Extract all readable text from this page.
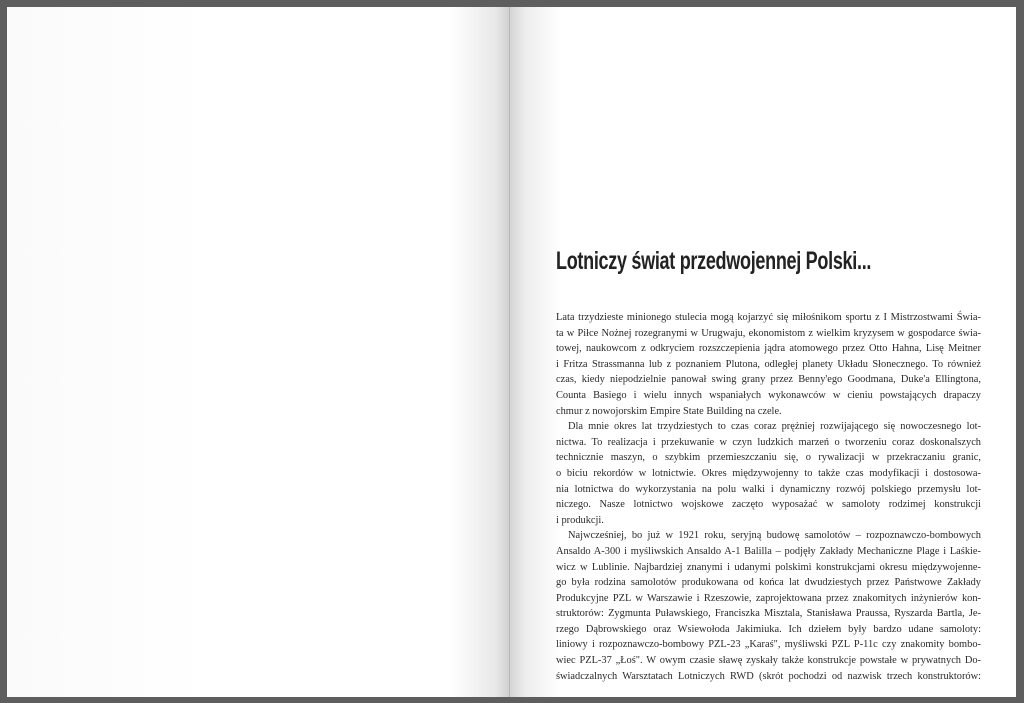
Lotniczy świat przedwojennej Polski...
Lata trzydzieste minionego stulecia mogą kojarzyć się miłośnikom sportu z I Mistrzostwami Świa-
ta w Piłce Nożnej rozegranymi w Urugwaju, ekonomistom z wielkim kryzysem w gospodarce świa-
towej, naukowcom z odkryciem rozszczepienia jądra atomowego przez Otto Hahna, Lisę Meitner
i Fritza Strassmanna lub z poznaniem Plutona, odległej planety Układu Słonecznego. To również
czas, kiedy niepodzielnie panował swing grany przez Benny'ego Goodmana, Duke'a Ellingtona,
Counta Basiego i wielu innych wspaniałych wykonawców w cieniu powstających drapaczy
chmur z nowojorskim Empire State Building na czele.
Dla mnie okres lat trzydziestych to czas coraz prężniej rozwijającego się nowoczesnego lot-
nictwa. To realizacja i przekuwanie w czyn ludzkich marzeń o tworzeniu coraz doskonalszych
technicznie maszyn, o szybkim przemieszczaniu się, o rywalizacji w przekraczaniu granic,
o biciu rekordów w lotnictwie. Okres międzywojenny to także czas modyfikacji i dostosowa-
nia lotnictwa do wykorzystania na polu walki i dynamiczny rozwój polskiego przemysłu lot-
niczego. Nasze lotnictwo wojskowe zaczęto wyposażać w samoloty rodzimej konstrukcji
i produkcji.
Najwcześniej, bo już w 1921 roku, seryjną budowę samolotów – rozpoznawczo-bombowych
Ansaldo A-300 i myśliwskich Ansaldo A-1 Balilla – podjęły Zakłady Mechaniczne Plage i Laśkie-
wicz w Lublinie. Najbardziej znanymi i udanymi polskimi konstrukcjami okresu międzywojenne-
go była rodzina samolotów produkowana od końca lat dwudziestych przez Państwowe Zakłady
Produkcyjne PZL w Warszawie i Rzeszowie, zaprojektowana przez znakomitych inżynierów kon-
struktorów: Zygmunta Puławskiego, Franciszka Misztala, Stanisława Praussa, Ryszarda Bartla, Je-
rzego Dąbrowskiego oraz Wsiewołoda Jakimiuka. Ich dziełem były bardzo udane samoloty:
liniowy i rozpoznawczo-bombowy PZL-23 „Karaś", myśliwski PZL P-11c czy znakomity bombo-
wiec PZL-37 „Łoś". W owym czasie sławę zyskały także konstrukcje powstałe w prywatnych Do-
świadczalnych Warsztatach Lotniczych RWD (skrót pochodzi od nazwisk trzech konstruktorów:
